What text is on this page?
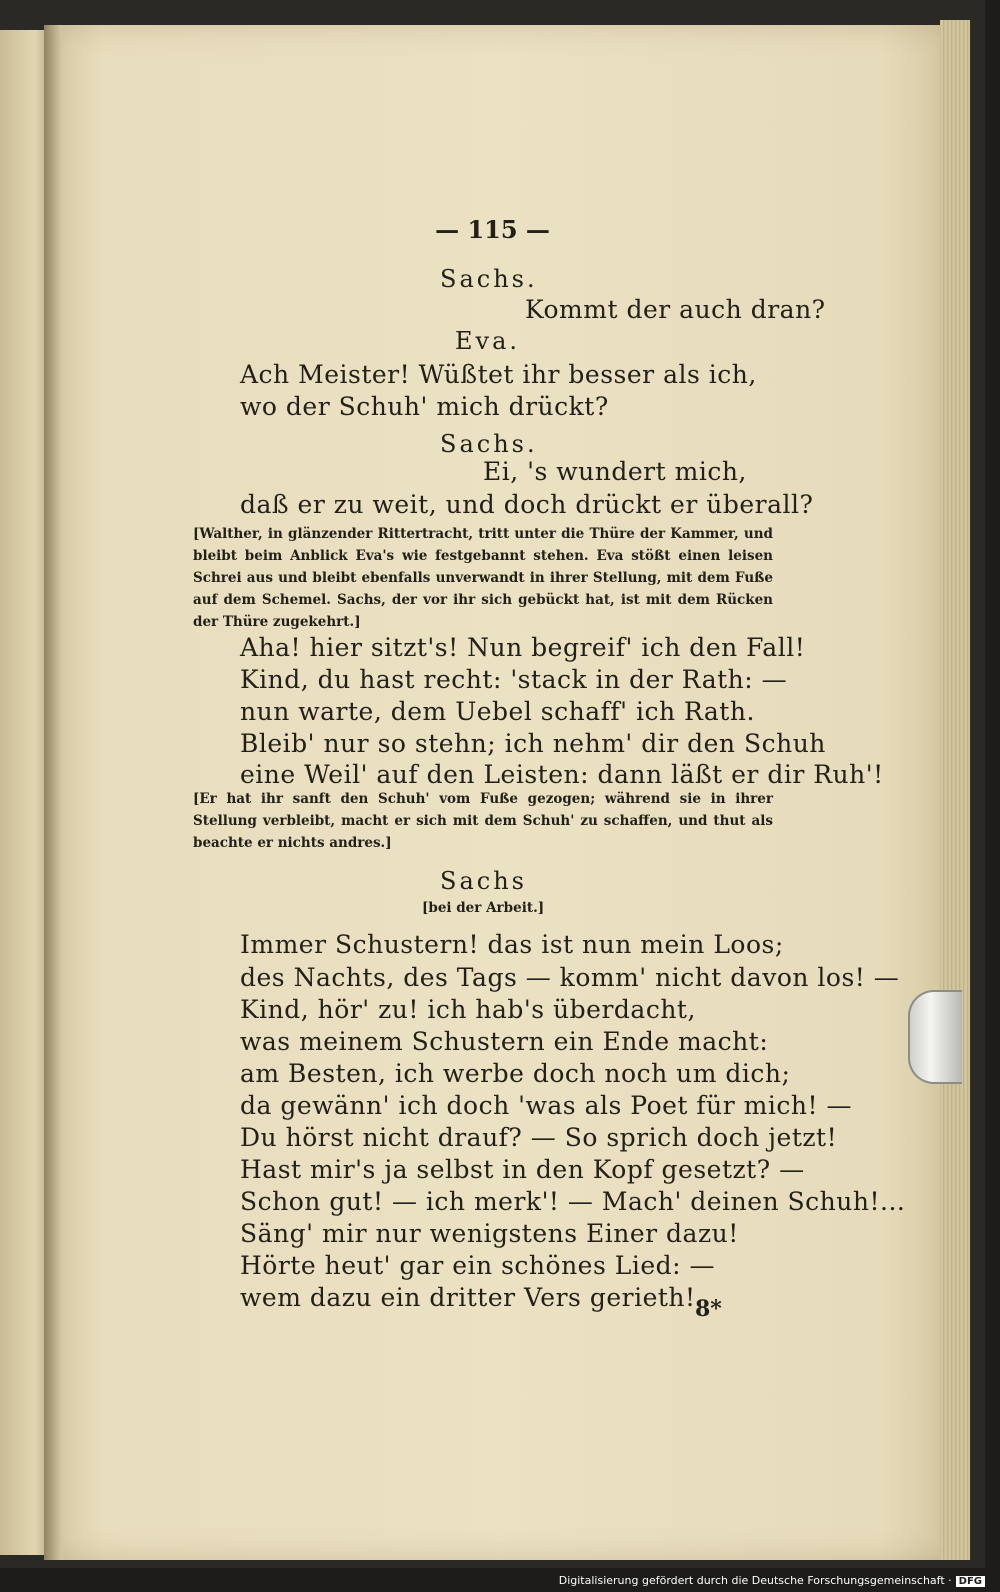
— 115 —
Sachs.
Kommt der auch dran?
Eva.
Ach Meister! Wüßtet ihr besser als ich,
wo der Schuh' mich drückt?
Sachs.
Ei, 's wundert mich,
daß er zu weit, und doch drückt er überall?
[Walther, in glänzender Rittertracht, tritt unter die Thüre der Kammer, und bleibt beim Anblick Eva's wie festgebannt stehen. Eva stößt einen leisen Schrei aus und bleibt ebenfalls unverwandt in ihrer Stellung, mit dem Fuße auf dem Schemel. Sachs, der vor ihr sich gebückt hat, ist mit dem Rücken der Thüre zugekehrt.]
Aha! hier sitzt's! Nun begreif' ich den Fall!
Kind, du hast recht: 'stack in der Rath: —
nun warte, dem Uebel schaff' ich Rath.
Bleib' nur so stehn; ich nehm' dir den Schuh
eine Weil' auf den Leisten: dann läßt er dir Ruh'!
[Er hat ihr sanft den Schuh' vom Fuße gezogen; während sie in ihrer Stellung verbleibt, macht er sich mit dem Schuh' zu schaffen, und thut als beachte er nichts andres.]
Sachs
[bei der Arbeit.]
Immer Schustern! das ist nun mein Loos;
des Nachts, des Tags — komm' nicht davon los! —
Kind, hör' zu! ich hab's überdacht,
was meinem Schustern ein Ende macht:
am Besten, ich werbe doch noch um dich;
da gewänn' ich doch 'was als Poet für mich! —
Du hörst nicht drauf? — So sprich doch jetzt!
Hast mir's ja selbst in den Kopf gesetzt? —
Schon gut! — ich merk'! — Mach' deinen Schuh!...
Säng' mir nur wenigstens Einer dazu!
Hörte heut' gar ein schönes Lied: —
wem dazu ein dritter Vers gerieth! 8*
Digitalisierung gefördert durch die Deutsche Forschungsgemeinschaft · DFG
